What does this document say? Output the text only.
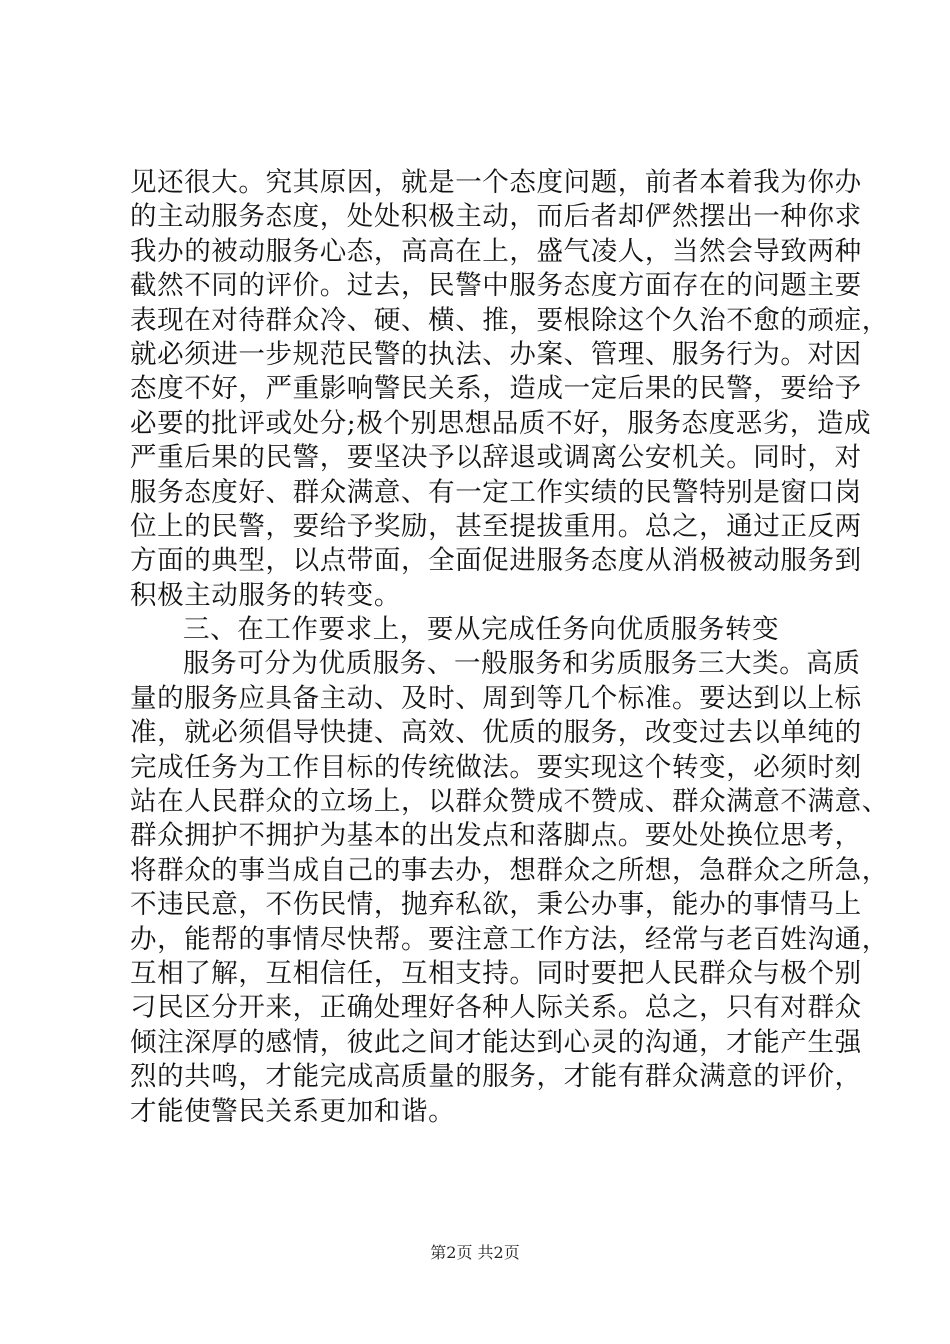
见还很大。究其原因，就是一个态度问题，前者本着我为你办
的主动服务态度，处处积极主动，而后者却俨然摆出一种你求
我办的被动服务心态，高高在上，盛气凌人，当然会导致两种
截然不同的评价。过去，民警中服务态度方面存在的问题主要
表现在对待群众冷、硬、横、推，要根除这个久治不愈的顽症，
就必须进一步规范民警的执法、办案、管理、服务行为。对因
态度不好，严重影响警民关系，造成一定后果的民警，要给予
必要的批评或处分;极个别思想品质不好，服务态度恶劣，造成
严重后果的民警，要坚决予以辞退或调离公安机关。同时，对
服务态度好、群众满意、有一定工作实绩的民警特别是窗口岗
位上的民警，要给予奖励，甚至提拔重用。总之，通过正反两
方面的典型，以点带面，全面促进服务态度从消极被动服务到
积极主动服务的转变。
三、在工作要求上，要从完成任务向优质服务转变
服务可分为优质服务、一般服务和劣质服务三大类。高质
量的服务应具备主动、及时、周到等几个标准。要达到以上标
准，就必须倡导快捷、高效、优质的服务，改变过去以单纯的
完成任务为工作目标的传统做法。要实现这个转变，必须时刻
站在人民群众的立场上，以群众赞成不赞成、群众满意不满意、
群众拥护不拥护为基本的出发点和落脚点。要处处换位思考，
将群众的事当成自己的事去办，想群众之所想，急群众之所急，
不违民意，不伤民情，抛弃私欲，秉公办事，能办的事情马上
办，能帮的事情尽快帮。要注意工作方法，经常与老百姓沟通，
互相了解，互相信任，互相支持。同时要把人民群众与极个别
刁民区分开来，正确处理好各种人际关系。总之，只有对群众
倾注深厚的感情，彼此之间才能达到心灵的沟通，才能产生强
烈的共鸣，才能完成高质量的服务，才能有群众满意的评价，
才能使警民关系更加和谐。
第2页 共2页
